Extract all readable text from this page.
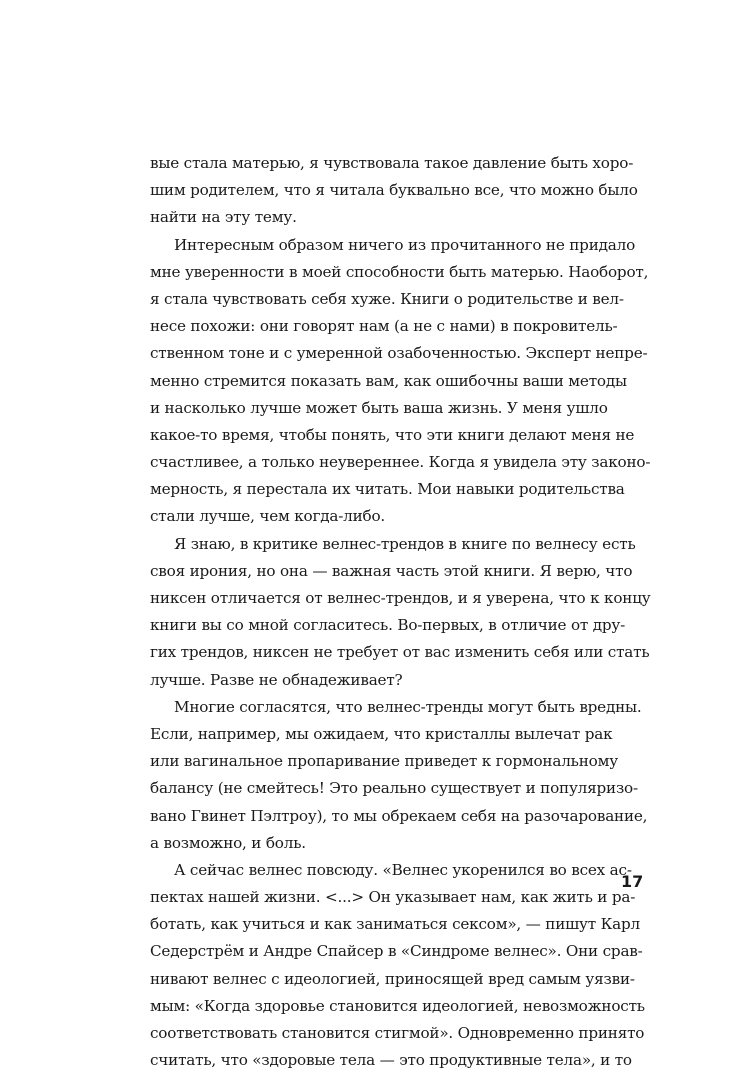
вые стала матерью, я чувствовала такое давление быть хоро-
шим родителем, что я читала буквально все, что можно было
найти на эту тему.
Интересным образом ничего из прочитанного не придало
мне уверенности в моей способности быть матерью. Наоборот,
я стала чувствовать себя хуже. Книги о родительстве и вел-
несе похожи: они говорят нам (а не с нами) в покровитель-
ственном тоне и с умеренной озабоченностью. Эксперт непре-
менно стремится показать вам, как ошибочны ваши методы
и насколько лучше может быть ваша жизнь. У меня ушло
какое-то время, чтобы понять, что эти книги делают меня не
счастливее, а только неувереннее. Когда я увидела эту законо-
мерность, я перестала их читать. Мои навыки родительства
стали лучше, чем когда-либо.
Я знаю, в критике велнес-трендов в книге по велнесу есть
своя ирония, но она — важная часть этой книги. Я верю, что
никсен отличается от велнес-трендов, и я уверена, что к концу
книги вы со мной согласитесь. Во-первых, в отличие от дру-
гих трендов, никсен не требует от вас изменить себя или стать
лучше. Разве не обнадеживает?
Многие согласятся, что велнес-тренды могут быть вредны.
Если, например, мы ожидаем, что кристаллы вылечат рак
или вагинальное пропаривание приведет к гормональному
балансу (не смейтесь! Это реально существует и популяризо-
вано Гвинет Пэлтроу), то мы обрекаем себя на разочарование,
а возможно, и боль.
А сейчас велнес повсюду. «Велнес укоренился во всех ас-
пектах нашей жизни. <...> Он указывает нам, как жить и ра-
ботать, как учиться и как заниматься сексом», — пишут Карл
Седерстрём и Андре Спайсер в «Синдроме велнес». Они срав-
нивают велнес с идеологией, приносящей вред самым уязви-
мым: «Когда здоровье становится идеологией, невозможность
соответствовать становится стигмой». Одновременно принято
считать, что «здоровые тела — это продуктивные тела», и то
17
